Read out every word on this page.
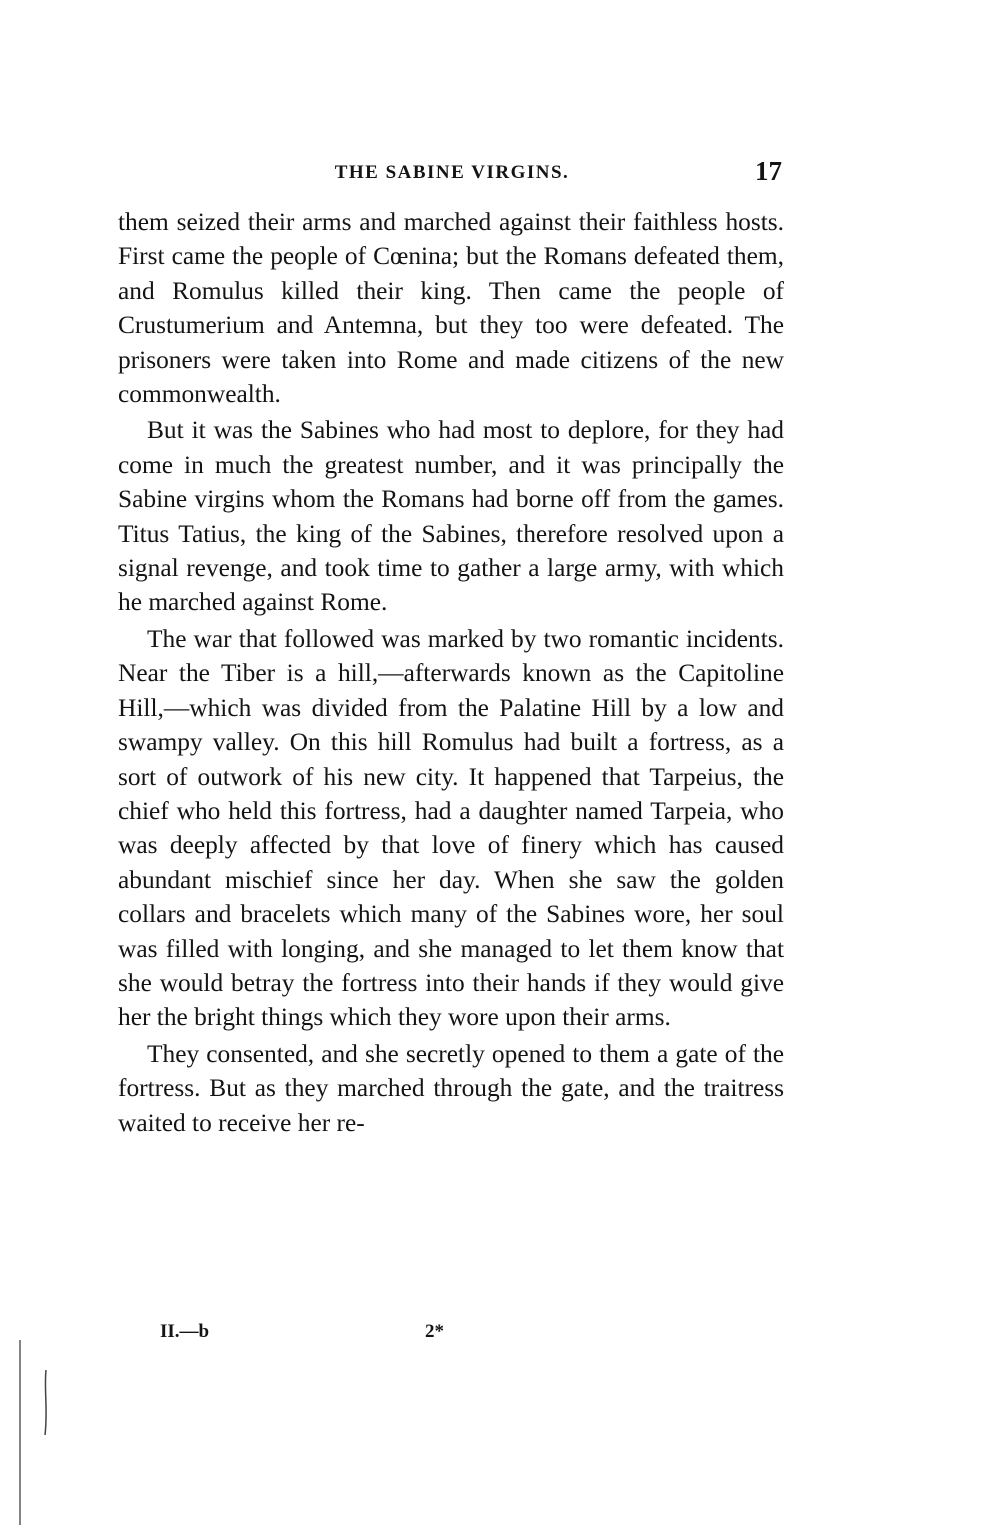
THE SABINE VIRGINS.	17

them seized their arms and marched against their faithless hosts. First came the people of Cœnina; but the Romans defeated them, and Romulus killed their king. Then came the people of Crustumerium and Antemna, but they too were defeated. The prisoners were taken into Rome and made citizens of the new commonwealth.

But it was the Sabines who had most to deplore, for they had come in much the greatest number, and it was principally the Sabine virgins whom the Romans had borne off from the games. Titus Tatius, the king of the Sabines, therefore resolved upon a signal revenge, and took time to gather a large army, with which he marched against Rome.

The war that followed was marked by two romantic incidents. Near the Tiber is a hill,—afterwards known as the Capitoline Hill,—which was divided from the Palatine Hill by a low and swampy valley. On this hill Romulus had built a fortress, as a sort of outwork of his new city. It happened that Tarpeius, the chief who held this fortress, had a daughter named Tarpeia, who was deeply affected by that love of finery which has caused abundant mischief since her day. When she saw the golden collars and bracelets which many of the Sabines wore, her soul was filled with longing, and she managed to let them know that she would betray the fortress into their hands if they would give her the bright things which they wore upon their arms.

They consented, and she secretly opened to them a gate of the fortress. But as they marched through the gate, and the traitress waited to receive her re-

II.—b	2*
